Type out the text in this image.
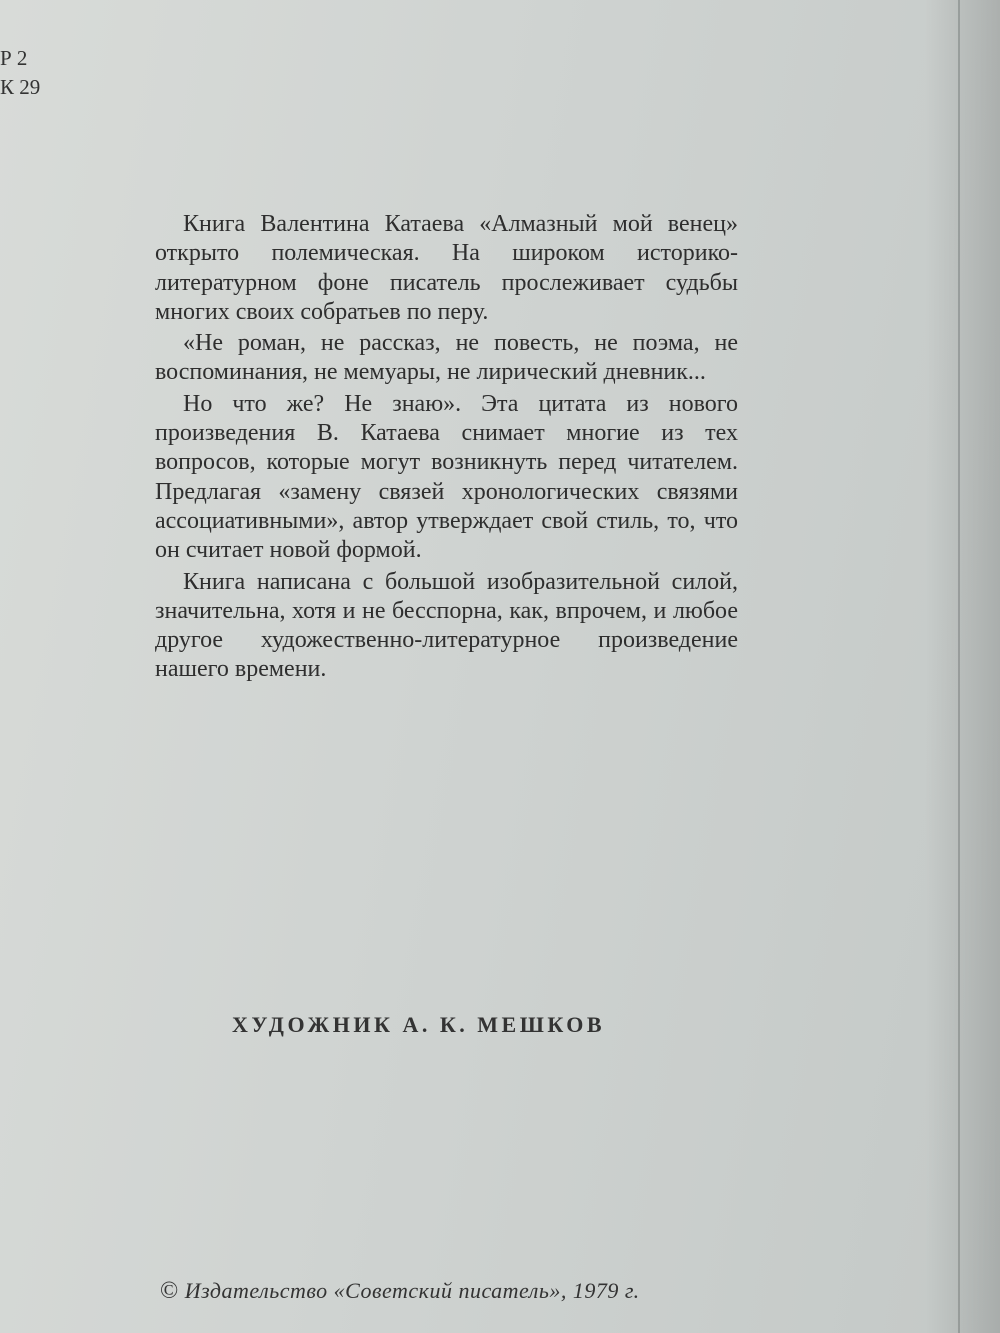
Р 2
К 29

Книга Валентина Катаева «Алмазный мой венец» открыто полемическая. На широком историко-литературном фоне писатель прослеживает судьбы многих своих собратьев по перу.

«Не роман, не рассказ, не повесть, не поэма, не воспоминания, не мемуары, не лирический дневник...

Но что же? Не знаю». Эта цитата из нового произведения В. Катаева снимает многие из тех вопросов, которые могут возникнуть перед читателем. Предлагая «замену связей хронологических связями ассоциативными», автор утверждает свой стиль, то, что он считает новой формой.

Книга написана с большой изобразительной силой, значительна, хотя и не бесспорна, как, впрочем, и любое другое художественно-литературное произведение нашего времени.

ХУДОЖНИК А. К. МЕШКОВ
© Издательство «Советский писатель», 1979 г.
